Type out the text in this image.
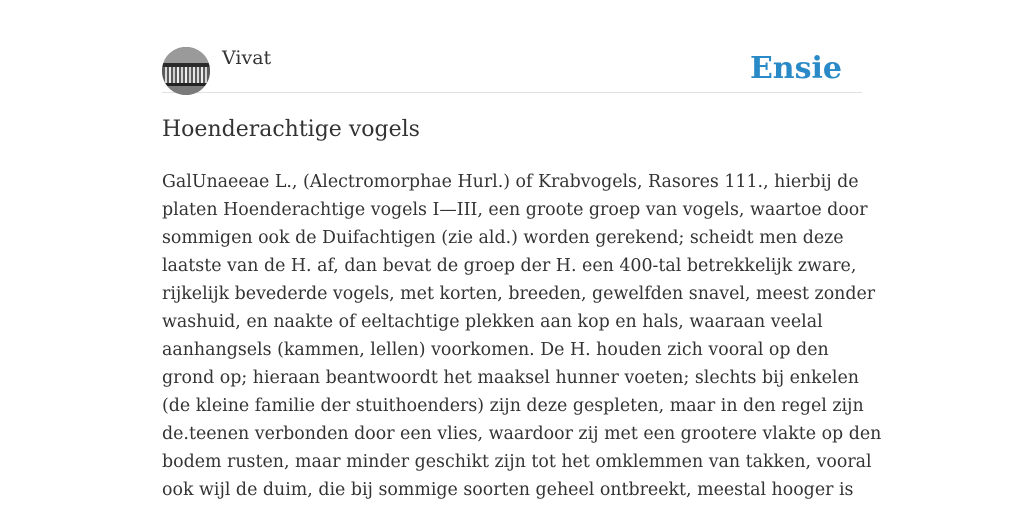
Vivat	Ensie
Hoenderachtige vogels
GalUnaeeae L., (Alectromorphae Hurl.) of Krabvogels, Rasores 111., hierbij de
platen Hoenderachtige vogels I—III, een groote groep van vogels, waartoe door
sommigen ook de Duifachtigen (zie ald.) worden gerekend; scheidt men deze
laatste van de H. af, dan bevat de groep der H. een 400-tal betrekkelijk zware,
rijkelijk bevederde vogels, met korten, breeden, gewelfden snavel, meest zonder
washuid, en naakte of eeltachtige plekken aan kop en hals, waaraan veelal
aanhangsels (kammen, lellen) voorkomen. De H. houden zich vooral op den
grond op; hieraan beantwoordt het maaksel hunner voeten; slechts bij enkelen
(de kleine familie der stuithoenders) zijn deze gespleten, maar in den regel zijn
de.teenen verbonden door een vlies, waardoor zij met een grootere vlakte op den
bodem rusten, maar minder geschikt zijn tot het omklemmen van takken, vooral
ook wijl de duim, die bij sommige soorten geheel ontbreekt, meestal hooger is
